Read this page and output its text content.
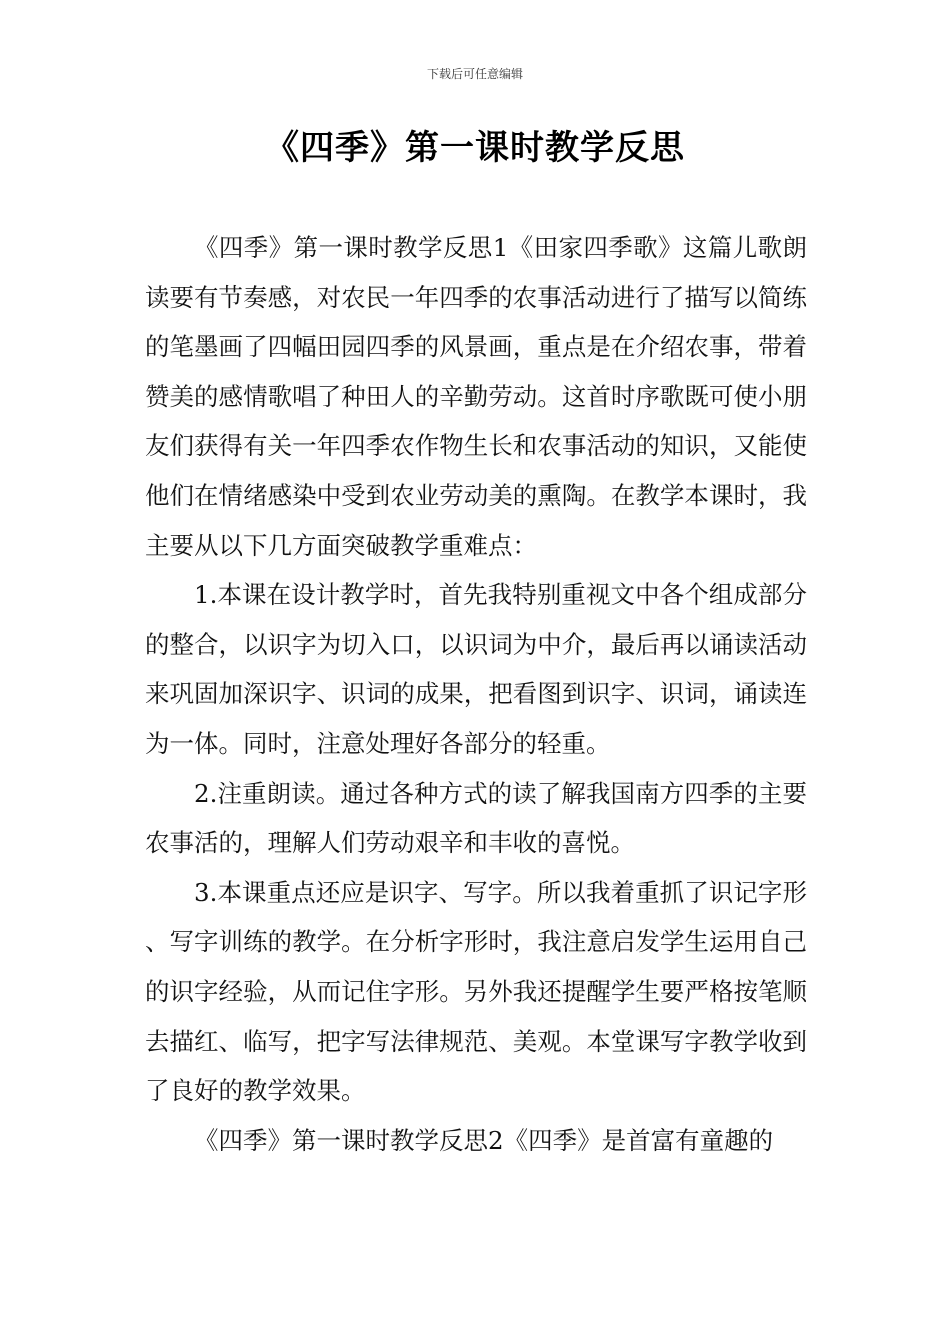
下载后可任意编辑
《四季》第一课时教学反思

《四季》第一课时教学反思1《田家四季歌》这篇儿歌朗读要有节奏感，对农民一年四季的农事活动进行了描写以简练的笔墨画了四幅田园四季的风景画，重点是在介绍农事，带着赞美的感情歌唱了种田人的辛勤劳动。这首时序歌既可使小朋友们获得有关一年四季农作物生长和农事活动的知识，又能使他们在情绪感染中受到农业劳动美的熏陶。在教学本课时，我主要从以下几方面突破教学重难点：

1.本课在设计教学时，首先我特别重视文中各个组成部分的整合，以识字为切入口，以识词为中介，最后再以诵读活动来巩固加深识字、识词的成果，把看图到识字、识词，诵读连为一体。同时，注意处理好各部分的轻重。

2.注重朗读。通过各种方式的读了解我国南方四季的主要农事活的，理解人们劳动艰辛和丰收的喜悦。

3.本课重点还应是识字、写字。所以我着重抓了识记字形、写字训练的教学。在分析字形时，我注意启发学生运用自己的识字经验，从而记住字形。另外我还提醒学生要严格按笔顺去描红、临写，把字写法律规范、美观。本堂课写字教学收到了良好的教学效果。

《四季》第一课时教学反思2《四季》是首富有童趣的
